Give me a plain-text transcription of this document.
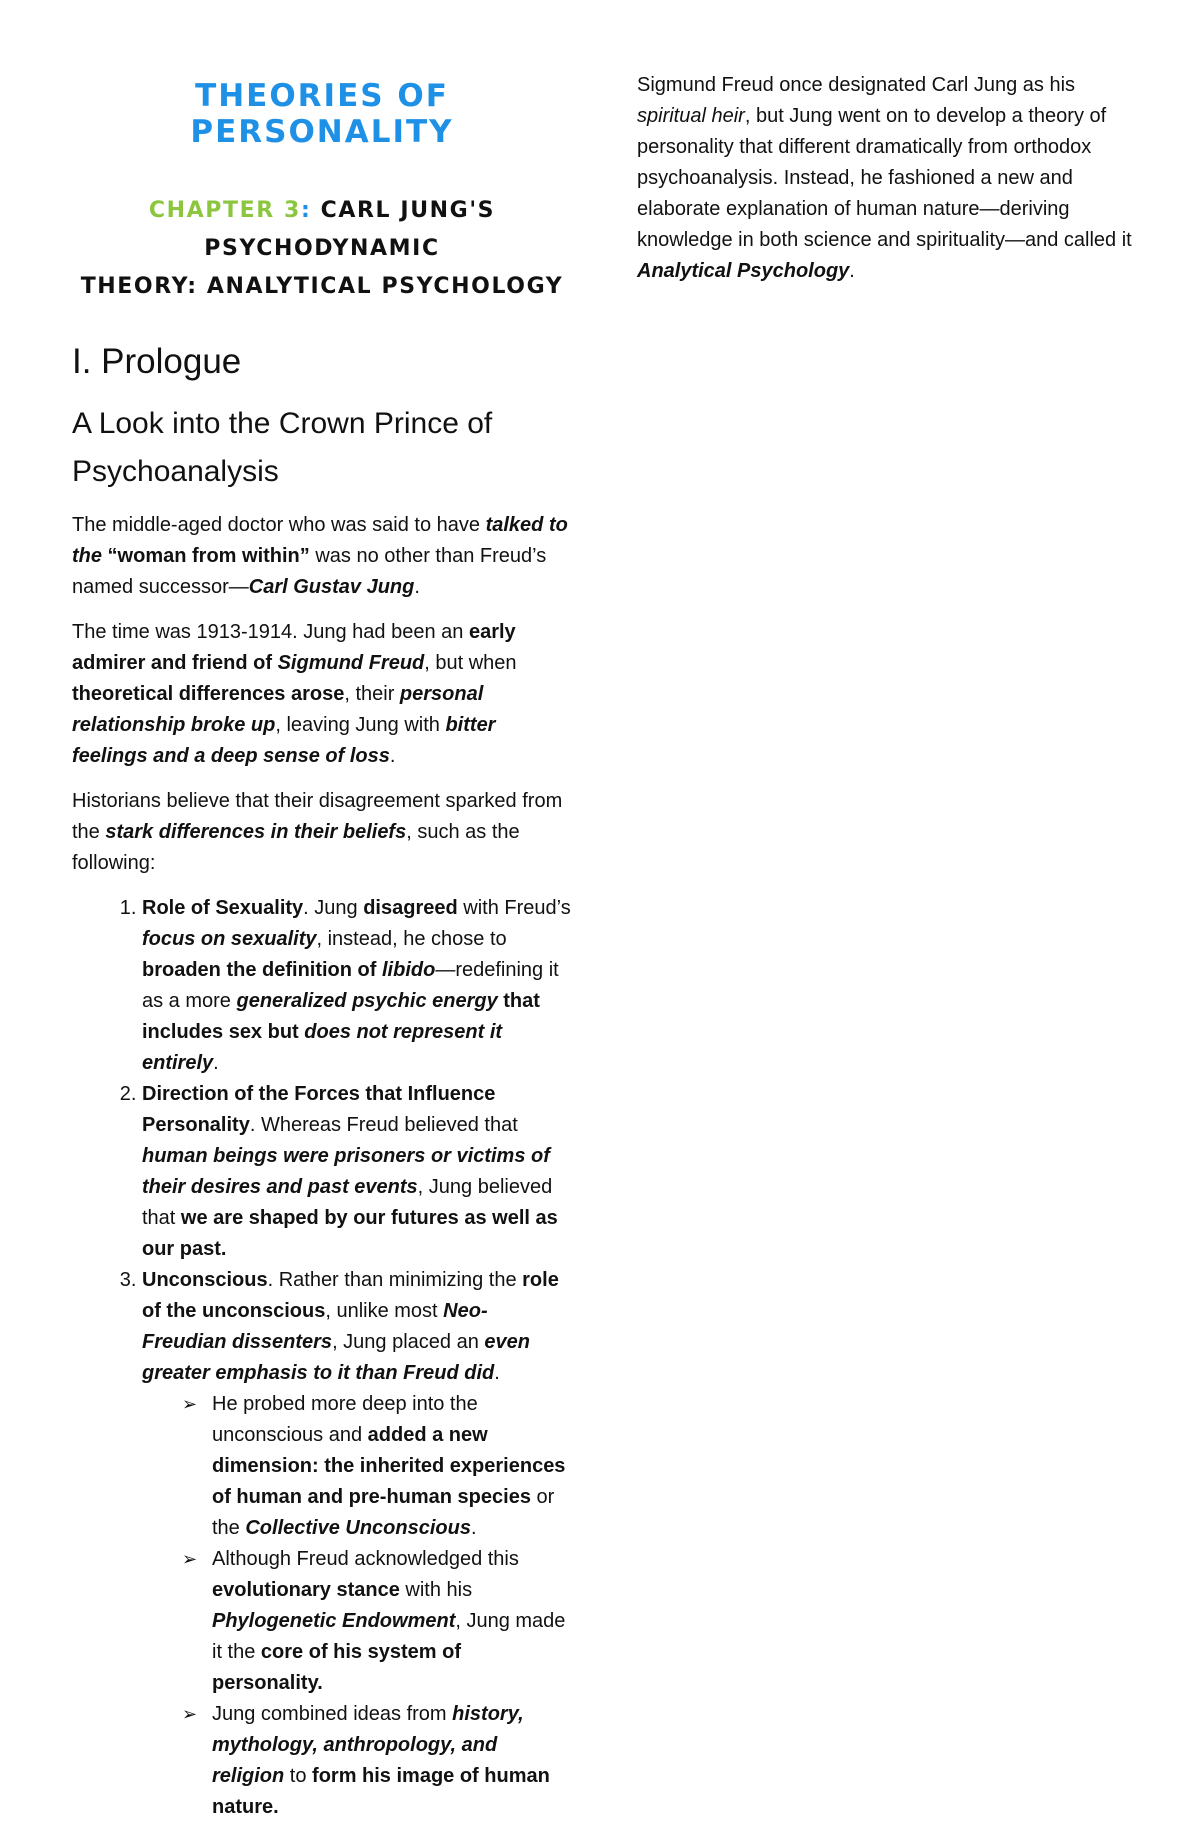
THEORIES OF PERSONALITY
CHAPTER 3: CARL JUNG'S PSYCHODYNAMIC
THEORY: ANALYTICAL PSYCHOLOGY
I. Prologue
A Look into the Crown Prince of Psychoanalysis

The middle-aged doctor who was said to have talked to the “woman from within” was no other than Freud’s named successor—Carl Gustav Jung.

The time was 1913-1914. Jung had been an early admirer and friend of Sigmund Freud, but when theoretical differences arose, their personal relationship broke up, leaving Jung with bitter feelings and a deep sense of loss.

Historians believe that their disagreement sparked from the stark differences in their beliefs, such as the following:

1. Role of Sexuality. Jung disagreed with Freud’s focus on sexuality, instead, he chose to broaden the definition of libido—redefining it as a more generalized psychic energy that includes sex but does not represent it entirely.
2. Direction of the Forces that Influence Personality. Whereas Freud believed that human beings were prisoners or victims of their desires and past events, Jung believed that we are shaped by our futures as well as our past.
3. Unconscious. Rather than minimizing the role of the unconscious, unlike most Neo-Freudian dissenters, Jung placed an even greater emphasis to it than Freud did.
➢ He probed more deep into the unconscious and added a new dimension: the inherited experiences of human and pre-human species or the Collective Unconscious.
➢ Although Freud acknowledged this evolutionary stance with his Phylogenetic Endowment, Jung made it the core of his system of personality.
➢ Jung combined ideas from history, mythology, anthropology, and religion to form his image of human nature.

Sigmund Freud once designated Carl Jung as his spiritual heir, but Jung went on to develop a theory of personality that different dramatically from orthodox psychoanalysis. Instead, he fashioned a new and elaborate explanation of human nature—deriving knowledge in both science and spirituality—and called it Analytical Psychology.
